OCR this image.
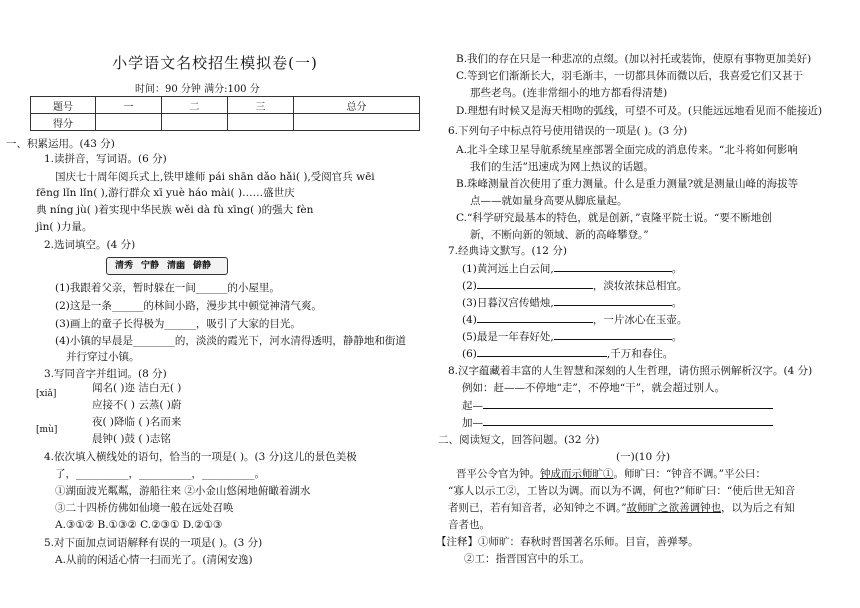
小学语文名校招生模拟卷(一)
时间：90 分钟 满分:100 分
题号	一	二	三	总分
得分				
一、积累运用。(43 分)
1.读拼音，写词语。(6 分)
国庆七十周年阅兵式上,铁甲雄师 pái shān dǎo hǎi( ),受阅官兵 wēi
fēng lǐn lǐn( ),游行群众 xī yuè háo mài( )……盛世庆
典 níng jù( )着实现中华民族 wěi dà fù xīng( )的强大 fèn
jìn( )力量。
2.选词填空。(4 分)
清秀 宁静 清幽 僻静
(1)我跟着父亲，暂时躲在一间______的小屋里。
(2)这是一条______的林间小路，漫步其中顿觉神清气爽。
(3)画上的童子长得极为______，吸引了大家的目光。
(4)小镇的早晨是________的，淡淡的霞光下，河水清得透明，静静地和街道
并行穿过小镇。
3.写同音字并组词。(8 分)
[xiǎ]
[mù]
闻名( )迩 洁白无( )
应接不( ) 云蒸( )蔚
夜( )降临 ( )名而来
晨钟( )鼓 ( )志铭
4.依次填入横线处的语句，恰当的一项是( )。(3 分)这儿的景色美极
了，__________，__________，__________。
①湖面波光粼粼，游船往来 ②小金山悠闲地俯瞰着湖水
③二十四桥仿佛如仙境一般在远处召唤
A.③①② B.①③② C.②③① D.②①③
5.对下面加点词语解释有误的一项是( )。(3 分)
A.从前的闲适心情一扫而光了。(清闲安逸)
B.我们的存在只是一种悲凉的点缀。(加以衬托或装饰，使原有事物更加美好)
C.等到它们渐渐长大，羽毛渐丰，一切都具体而微以后，我喜爱它们又甚于
那些老鸟。(连非常细小的地方都看得清楚)
D.理想有时候又是海天相吻的弧线，可望不可及。(只能远远地看见而不能接近)
6.下列句子中标点符号使用错误的一项是( )。(3 分)
A.北斗全球卫星导航系统星座部署全面完成的消息传来。“北斗将如何影响
我们的生活”迅速成为网上热议的话题。
B.珠峰测量首次使用了重力测量。什么是重力测量?就是测量山峰的海拔等
点——就如量身高要从脚底量起。
C.“科学研究最基本的特色，就是创新，”袁隆平院士说。“要不断地创
新，不断向新的领域、新的高峰攀登。”
7.经典诗文默写。(12 分)
(1)黄河远上白云间,	。
(2)	，淡妆浓抹总相宜。
(3)日暮汉宫传蜡烛,	。
(4)	，一片冰心在玉壶。
(5)最是一年春好处,	。
(6)	,千万和春住。
8.汉字蕴藏着丰富的人生智慧和深刻的人生哲理，请仿照示例解析汉字。(4 分)
例如：赶——不停地“走”，不停地“干”，就会超过别人。
起—
加—
二、阅读短文，回答问题。(32 分)
(一)(10 分)
晋平公令官为钟。钟成而示师旷①。师旷曰：“钟音不调。”平公曰：
“寡人以示工②，工皆以为调。而以为不调，何也?”师旷曰：“使后世无知音
者则已，若有知音者，必知钟之不调。”故师旷之欲善调钟也，以为后之有知
音者也。
【注释】①师旷：春秋时晋国著名乐师。目盲，善弹琴。
②工：指晋国宫中的乐工。
